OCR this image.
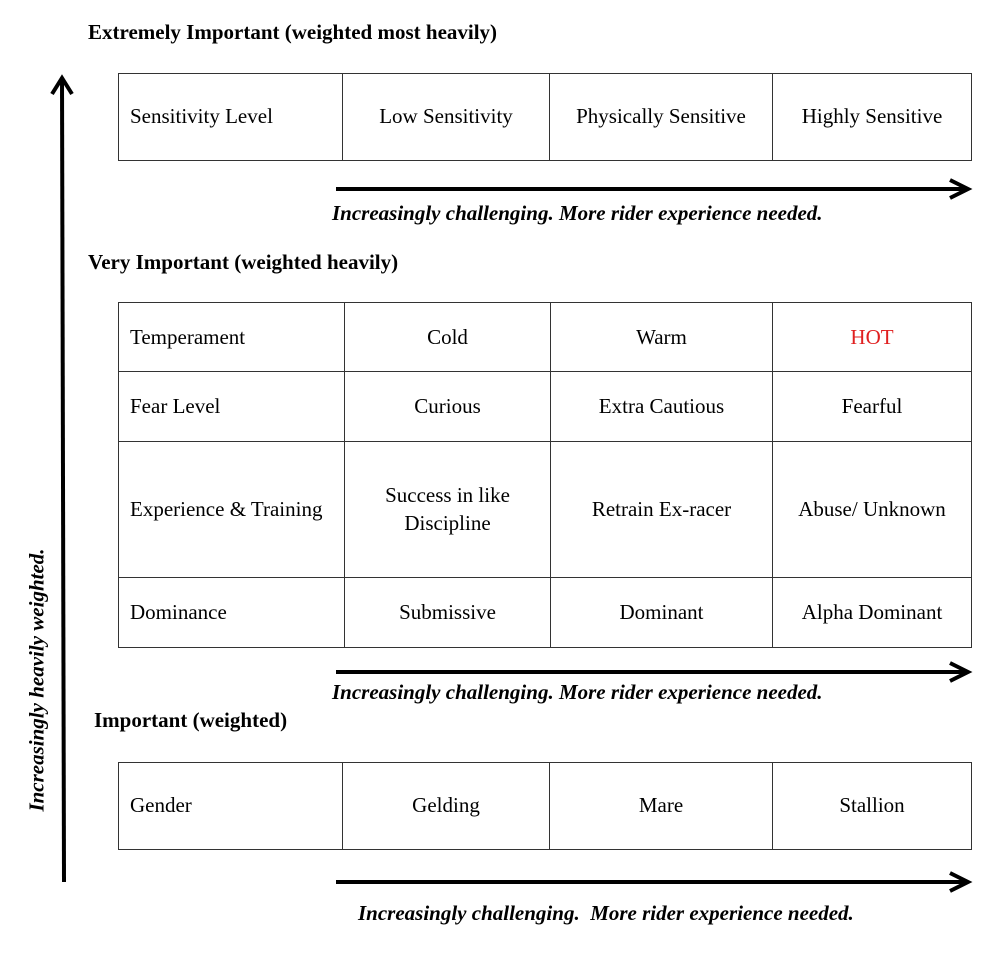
Increasingly heavily weighted.
Extremely Important (weighted most heavily)
Sensitivity Level	Low Sensitivity	Physically Sensitive	Highly Sensitive
Increasingly challenging. More rider experience needed.
Very Important (weighted heavily)
Temperament	Cold	Warm	HOT
Fear Level	Curious	Extra Cautious	Fearful
Experience & Training	Success in like Discipline	Retrain Ex-racer	Abuse/ Unknown
Dominance	Submissive	Dominant	Alpha Dominant
Increasingly challenging. More rider experience needed.
Important (weighted)
Gender	Gelding	Mare	Stallion
Increasingly challenging.  More rider experience needed.
